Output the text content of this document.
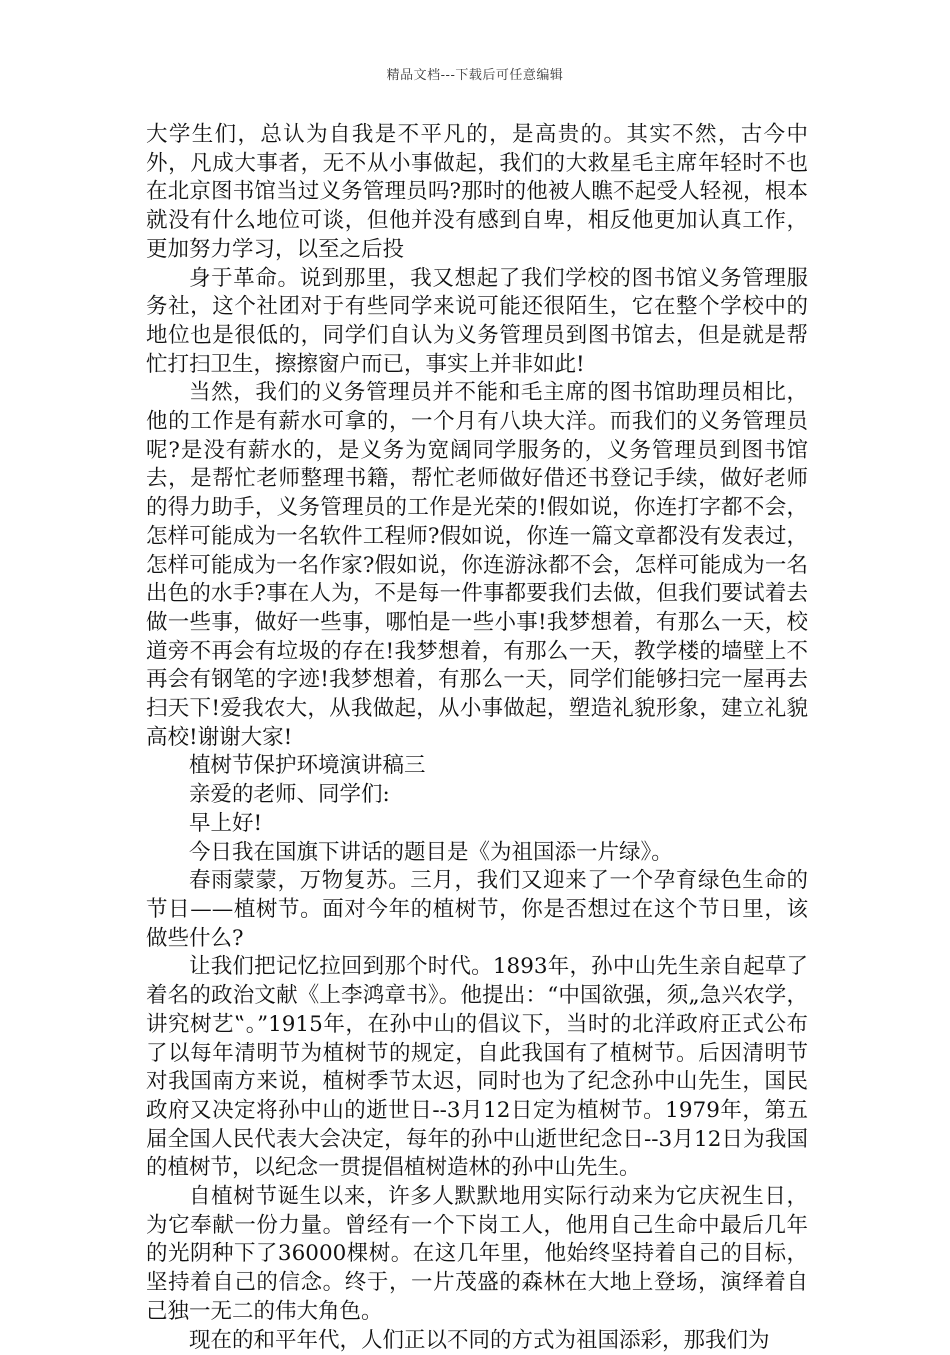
精品文档---下载后可任意编辑

大学生们，总认为自我是不平凡的，是高贵的。其实不然，古今中外，凡成大事者，无不从小事做起，我们的大救星毛主席年轻时不也在北京图书馆当过义务管理员吗?那时的他被人瞧不起受人轻视，根本就没有什么地位可谈，但他并没有感到自卑，相反他更加认真工作，更加努力学习，以至之后投

身于革命。说到那里，我又想起了我们学校的图书馆义务管理服务社，这个社团对于有些同学来说可能还很陌生，它在整个学校中的地位也是很低的，同学们自认为义务管理员到图书馆去，但是就是帮忙打扫卫生，擦擦窗户而已，事实上并非如此!

当然，我们的义务管理员并不能和毛主席的图书馆助理员相比，他的工作是有薪水可拿的，一个月有八块大洋。而我们的义务管理员呢?是没有薪水的，是义务为宽阔同学服务的，义务管理员到图书馆去，是帮忙老师整理书籍，帮忙老师做好借还书登记手续，做好老师的得力助手，义务管理员的工作是光荣的!假如说，你连打字都不会，怎样可能成为一名软件工程师?假如说，你连一篇文章都没有发表过，怎样可能成为一名作家?假如说，你连游泳都不会，怎样可能成为一名出色的水手?事在人为，不是每一件事都要我们去做，但我们要试着去做一些事，做好一些事，哪怕是一些小事!我梦想着，有那么一天，校道旁不再会有垃圾的存在!我梦想着，有那么一天，教学楼的墙壁上不再会有钢笔的字迹!我梦想着，有那么一天，同学们能够扫完一屋再去扫天下!爱我农大，从我做起，从小事做起，塑造礼貌形象，建立礼貌高校!谢谢大家!

植树节保护环境演讲稿三

亲爱的老师、同学们:

早上好!

今日我在国旗下讲话的题目是《为祖国添一片绿》。

春雨蒙蒙，万物复苏。三月，我们又迎来了一个孕育绿色生命的节日——植树节。面对今年的植树节，你是否想过在这个节日里，该做些什么?

让我们把记忆拉回到那个时代。1893年，孙中山先生亲自起草了着名的政治文献《上李鸿章书》。他提出：“中国欲强，须„急兴农学，讲究树艺‟。”1915年，在孙中山的倡议下，当时的北洋政府正式公布了以每年清明节为植树节的规定，自此我国有了植树节。后因清明节对我国南方来说，植树季节太迟，同时也为了纪念孙中山先生，国民政府又决定将孙中山的逝世日--3月12日定为植树节。1979年，第五届全国人民代表大会决定，每年的孙中山逝世纪念日--3月12日为我国的植树节，以纪念一贯提倡植树造林的孙中山先生。

自植树节诞生以来，许多人默默地用实际行动来为它庆祝生日，为它奉献一份力量。曾经有一个下岗工人，他用自己生命中最后几年的光阴种下了36000棵树。在这几年里，他始终坚持着自己的目标，坚持着自己的信念。终于，一片茂盛的森林在大地上登场，演绎着自己独一无二的伟大角色。

现在的和平年代，人们正以不同的方式为祖国添彩，那我们为
